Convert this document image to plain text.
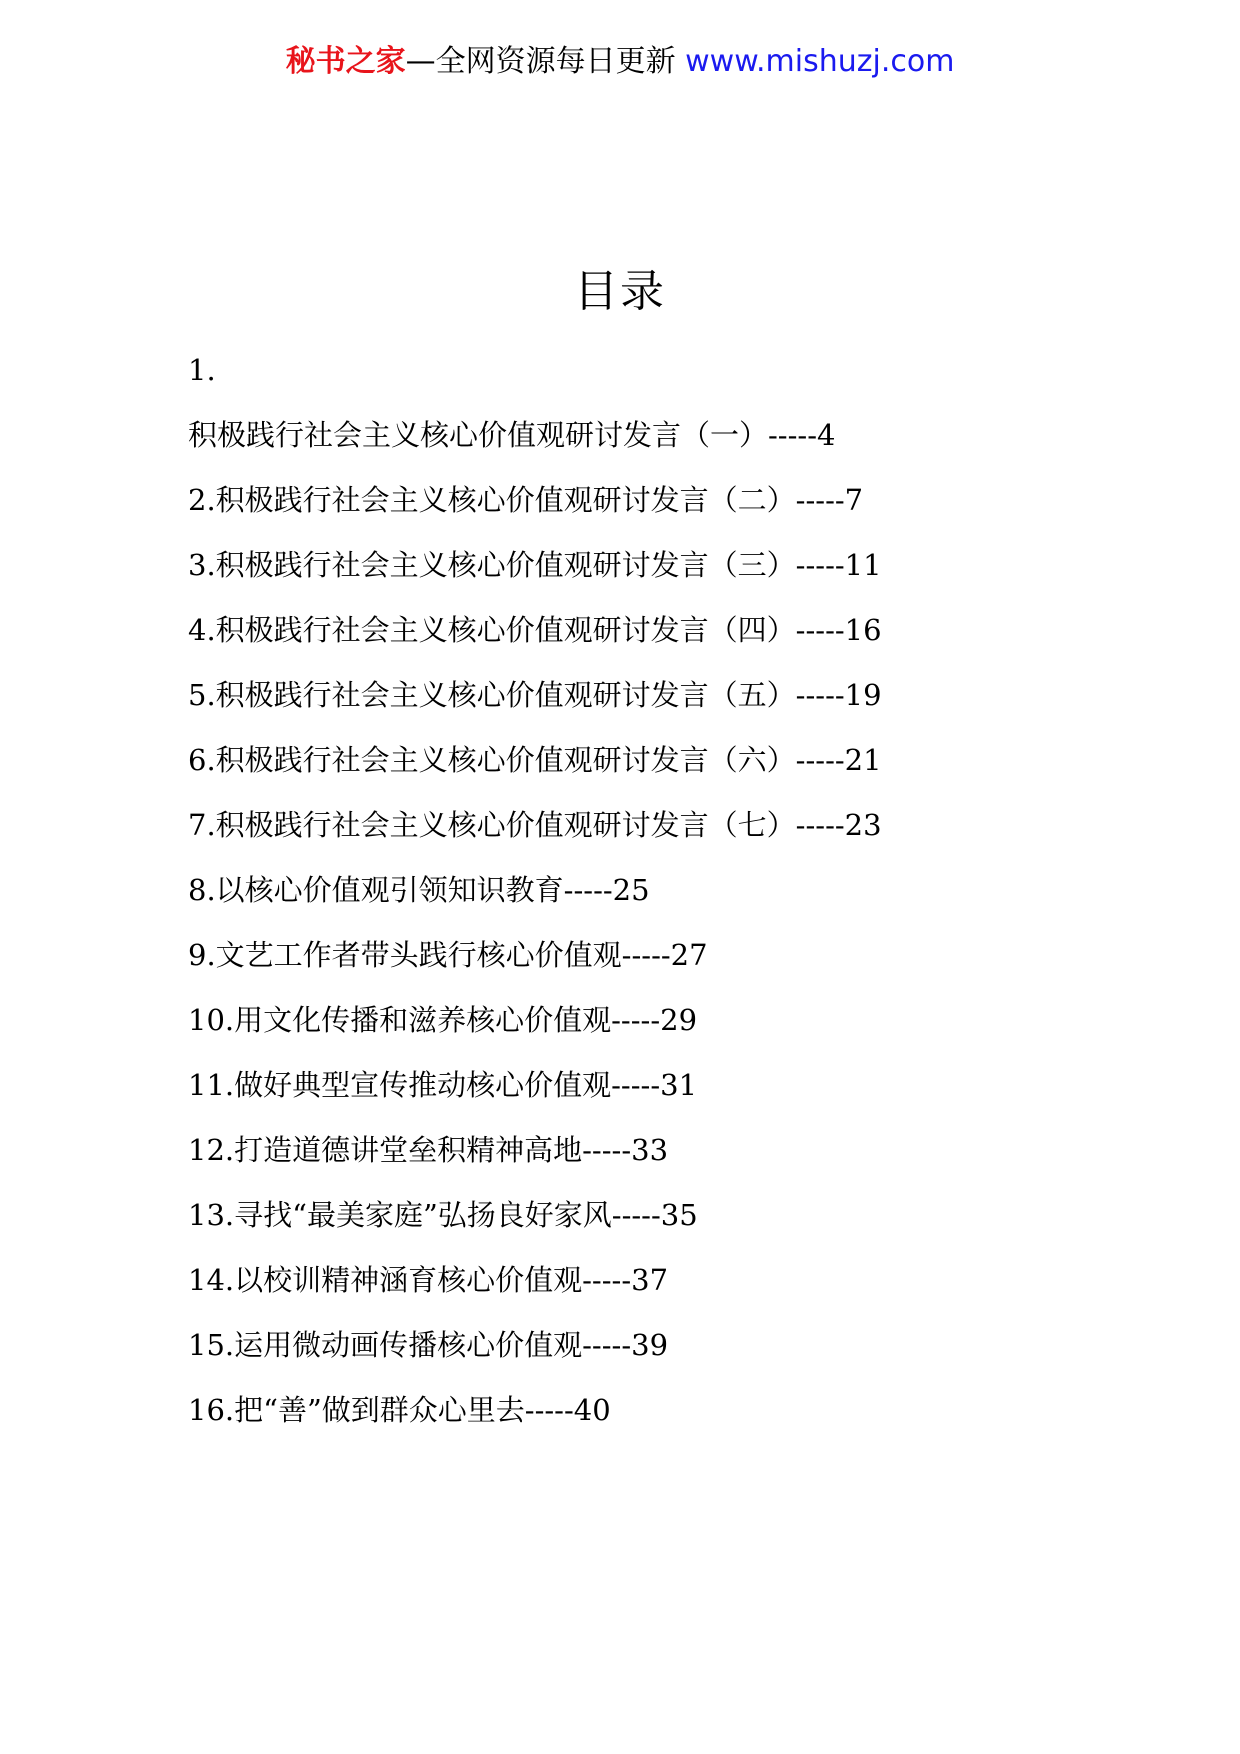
秘书之家—全网资源每日更新 www.mishuzj.com
目录
1.
积极践行社会主义核心价值观研讨发言（一）-----4
2.积极践行社会主义核心价值观研讨发言（二）-----7
3.积极践行社会主义核心价值观研讨发言（三）-----11
4.积极践行社会主义核心价值观研讨发言（四）-----16
5.积极践行社会主义核心价值观研讨发言（五）-----19
6.积极践行社会主义核心价值观研讨发言（六）-----21
7.积极践行社会主义核心价值观研讨发言（七）-----23
8.以核心价值观引领知识教育-----25
9.文艺工作者带头践行核心价值观-----27
10.用文化传播和滋养核心价值观-----29
11.做好典型宣传推动核心价值观-----31
12.打造道德讲堂垒积精神高地-----33
13.寻找“最美家庭”弘扬良好家风-----35
14.以校训精神涵育核心价值观-----37
15.运用微动画传播核心价值观-----39
16.把“善”做到群众心里去-----40
